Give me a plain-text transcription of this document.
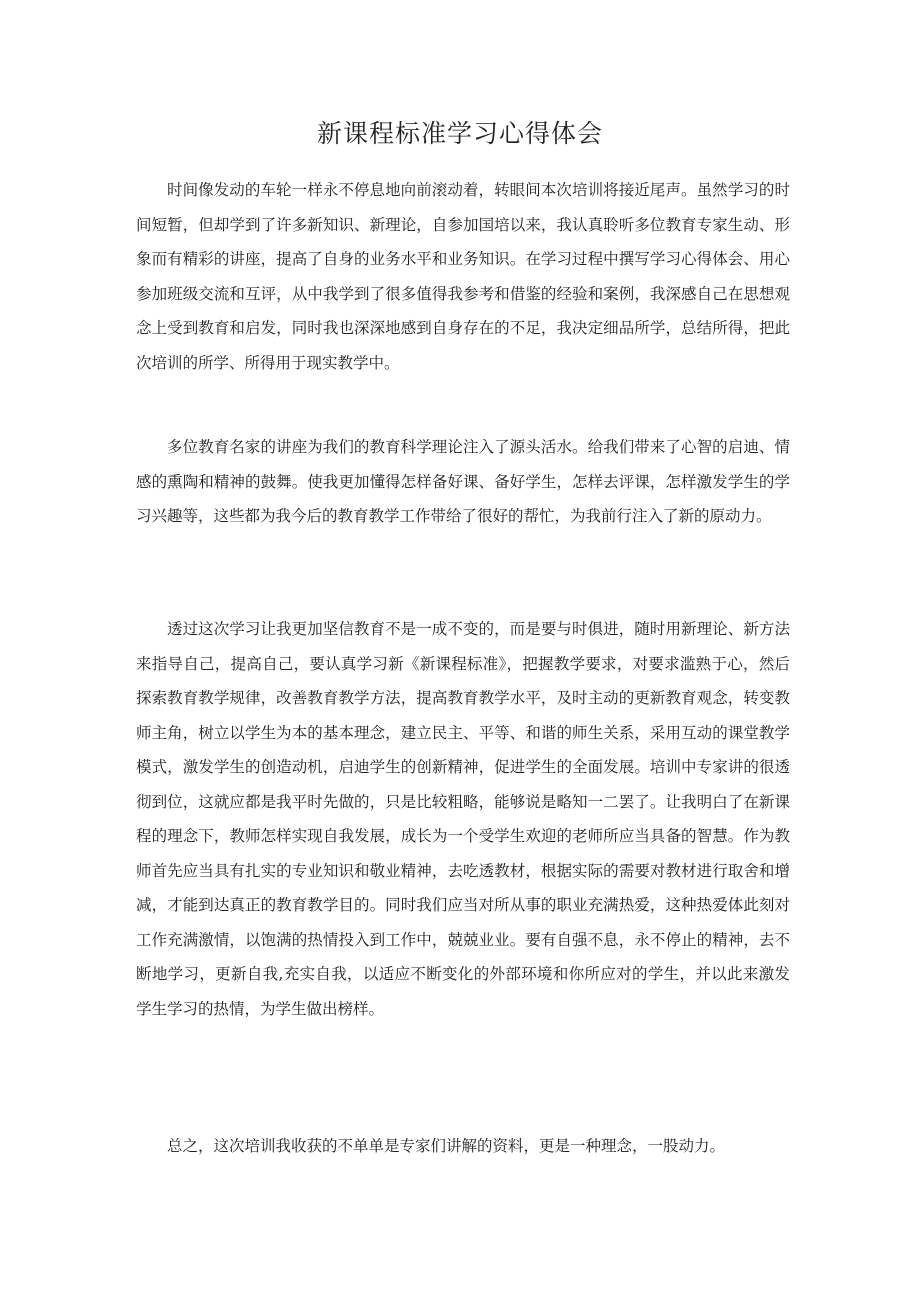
新课程标准学习心得体会

时间像发动的车轮一样永不停息地向前滚动着，转眼间本次培训将接近尾声。虽然学习的时间短暂，但却学到了许多新知识、新理论，自参加国培以来，我认真聆听多位教育专家生动、形象而有精彩的讲座，提高了自身的业务水平和业务知识。在学习过程中撰写学习心得体会、用心参加班级交流和互评，从中我学到了很多值得我参考和借鉴的经验和案例，我深感自己在思想观念上受到教育和启发，同时我也深深地感到自身存在的不足，我决定细品所学，总结所得，把此次培训的所学、所得用于现实教学中。

多位教育名家的讲座为我们的教育科学理论注入了源头活水。给我们带来了心智的启迪、情感的熏陶和精神的鼓舞。使我更加懂得怎样备好课、备好学生，怎样去评课，怎样激发学生的学习兴趣等，这些都为我今后的教育教学工作带给了很好的帮忙，为我前行注入了新的原动力。

透过这次学习让我更加坚信教育不是一成不变的，而是要与时俱进，随时用新理论、新方法来指导自己，提高自己，要认真学习新《新课程标准》，把握教学要求，对要求滥熟于心，然后探索教育教学规律，改善教育教学方法，提高教育教学水平，及时主动的更新教育观念，转变教师主角，树立以学生为本的基本理念，建立民主、平等、和谐的师生关系，采用互动的课堂教学模式，激发学生的创造动机，启迪学生的创新精神，促进学生的全面发展。培训中专家讲的很透彻到位，这就应都是我平时先做的，只是比较粗略，能够说是略知一二罢了。让我明白了在新课程的理念下，教师怎样实现自我发展，成长为一个受学生欢迎的老师所应当具备的智慧。作为教师首先应当具有扎实的专业知识和敬业精神，去吃透教材，根据实际的需要对教材进行取舍和增减，才能到达真正的教育教学目的。同时我们应当对所从事的职业充满热爱，这种热爱体此刻对工作充满激情，以饱满的热情投入到工作中，兢兢业业。要有自强不息，永不停止的精神，去不断地学习，更新自我,充实自我，以适应不断变化的外部环境和你所应对的学生，并以此来激发学生学习的热情，为学生做出榜样。

总之，这次培训我收获的不单单是专家们讲解的资料，更是一种理念，一股动力。
